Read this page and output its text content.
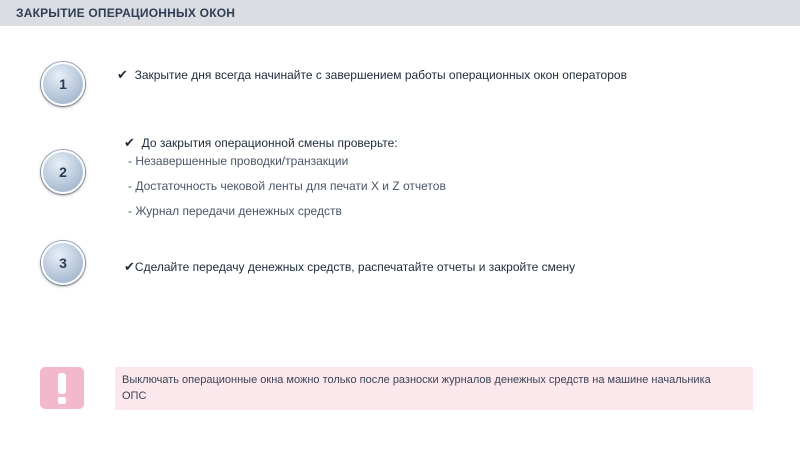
ЗАКРЫТИЕ ОПЕРАЦИОННЫХ ОКОН
1
✔ Закрытие дня всегда начинайте с завершением работы операционных окон операторов
2
✔ До закрытия операционной смены проверьте:
- Незавершенные проводки/транзакции
- Достаточность чековой ленты для печати X и Z отчетов
- Журнал передачи денежных средств
3	✔Сделайте передачу денежных средств, распечатайте отчеты и закройте смену
Выключать операционные окна можно только после разноски журналов денежных средств на машине начальника ОПС
